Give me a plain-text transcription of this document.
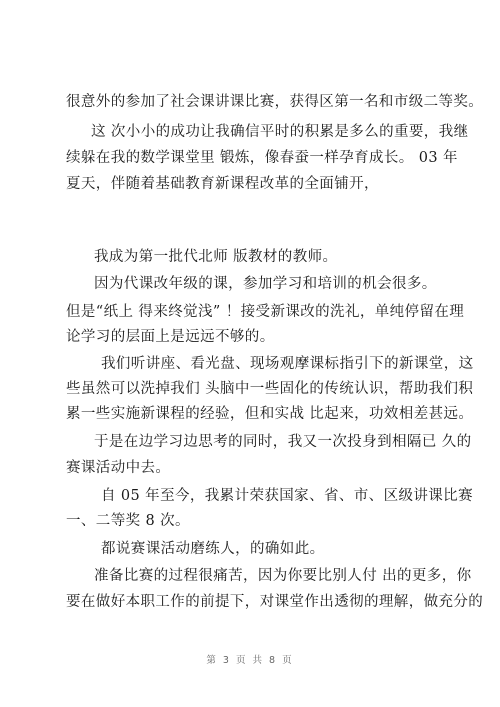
很意外的参加了社会课讲课比赛，获得区第一名和市级二等奖。
这 次小小的成功让我确信平时的积累是多么的重要，我继
续躲在我的数学课堂里 锻炼，像春蚕一样孕育成长。 03 年
夏天，伴随着基础教育新课程改革的全面铺开，
我成为第一批代北师 版教材的教师。
因为代课改年级的课，参加学习和培训的机会很多。
但是“纸上 得来终觉浅” ！接受新课改的洗礼，单纯停留在理
论学习的层面上是远远不够的。
我们听讲座、看光盘、现场观摩课标指引下的新课堂，这
些虽然可以洗掉我们 头脑中一些固化的传统认识，帮助我们积
累一些实施新课程的经验，但和实战 比起来，功效相差甚远。
于是在边学习边思考的同时，我又一次投身到相隔已 久的
赛课活动中去。
自 05 年至今，我累计荣获国家、省、市、区级讲课比赛
一、二等奖 8 次。
都说赛课活动磨练人，的确如此。
准备比赛的过程很痛苦，因为你要比别人付 出的更多，你
要在做好本职工作的前提下，对课堂作出透彻的理解，做充分的
第 3 页 共 8 页
